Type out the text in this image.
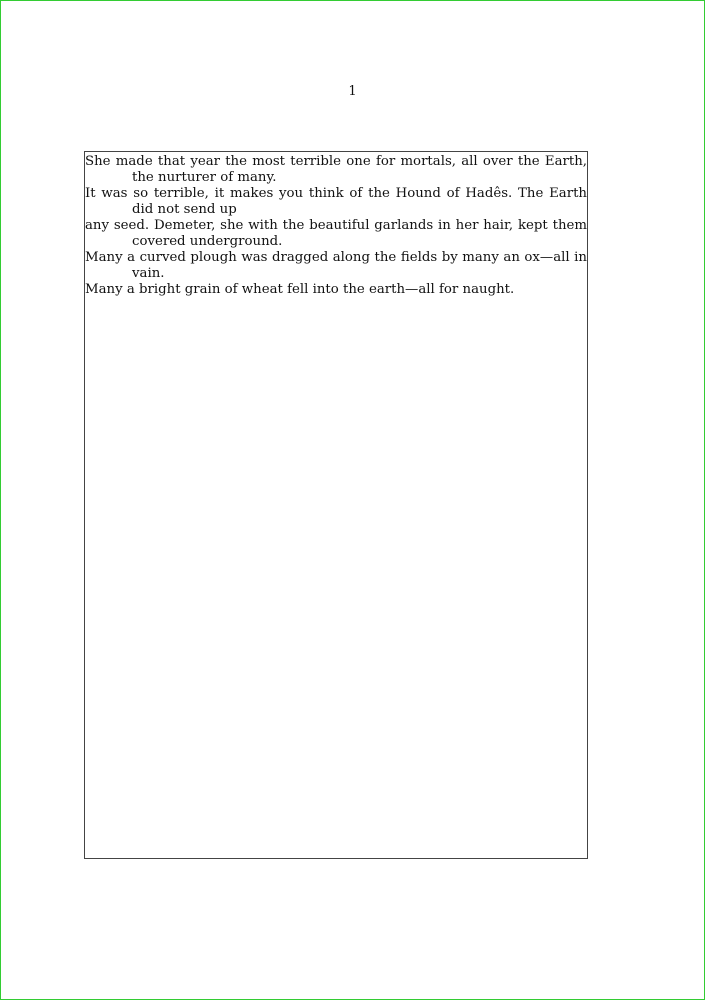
1

She made that year the most terrible one for mortals, all over the Earth, the nurturer of many.

It was so terrible, it makes you think of the Hound of Hadês. The Earth did not send up

any seed. Demeter, she with the beautiful garlands in her hair, kept them covered underground.

Many a curved plough was dragged along the fields by many an ox—all in vain.

Many a bright grain of wheat fell into the earth—all for naught.
